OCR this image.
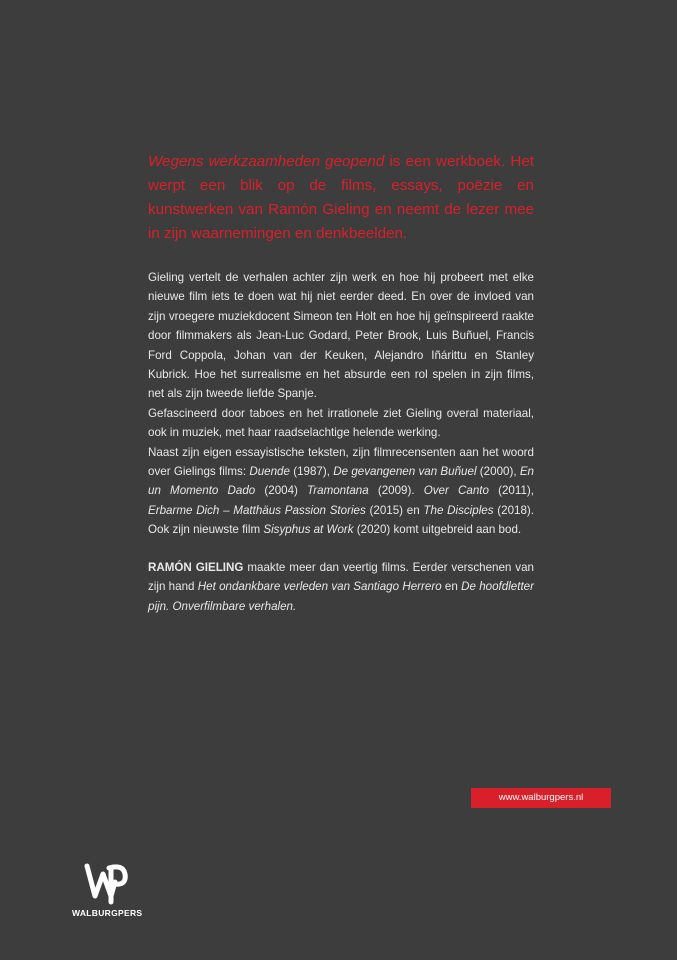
Wegens werkzaamheden geopend is een werkboek. Het werpt een blik op de films, essays, poëzie en kunstwerken van Ramón Gieling en neemt de lezer mee in zijn waarnemingen en denkbeelden.

Gieling vertelt de verhalen achter zijn werk en hoe hij probeert met elke nieuwe film iets te doen wat hij niet eerder deed. En over de invloed van zijn vroegere muziekdocent Simeon ten Holt en hoe hij geïnspireerd raakte door filmmakers als Jean-Luc Godard, Peter Brook, Luis Buñuel, Francis Ford Coppola, Johan van der Keuken, Alejandro Iñárittu en Stanley Kubrick. Hoe het surrealisme en het absurde een rol spelen in zijn films, net als zijn tweede liefde Spanje.

Gefascineerd door taboes en het irrationele ziet Gieling overal materiaal, ook in muziek, met haar raadselachtige helende werking.

Naast zijn eigen essayistische teksten, zijn filmrecensenten aan het woord over Gielings films: Duende (1987), De gevangenen van Buñuel (2000), En un Momento Dado (2004) Tramontana (2009). Over Canto (2011), Erbarme Dich – Matthäus Passion Stories (2015) en The Disciples (2018). Ook zijn nieuwste film Sisyphus at Work (2020) komt uitgebreid aan bod.

RAMÓN GIELING maakte meer dan veertig films. Eerder verschenen van zijn hand Het ondankbare verleden van Santiago Herrero en De hoofdletter pijn. Onverfilmbare verhalen.

www.walburgpers.nl
WALBURGPERS
